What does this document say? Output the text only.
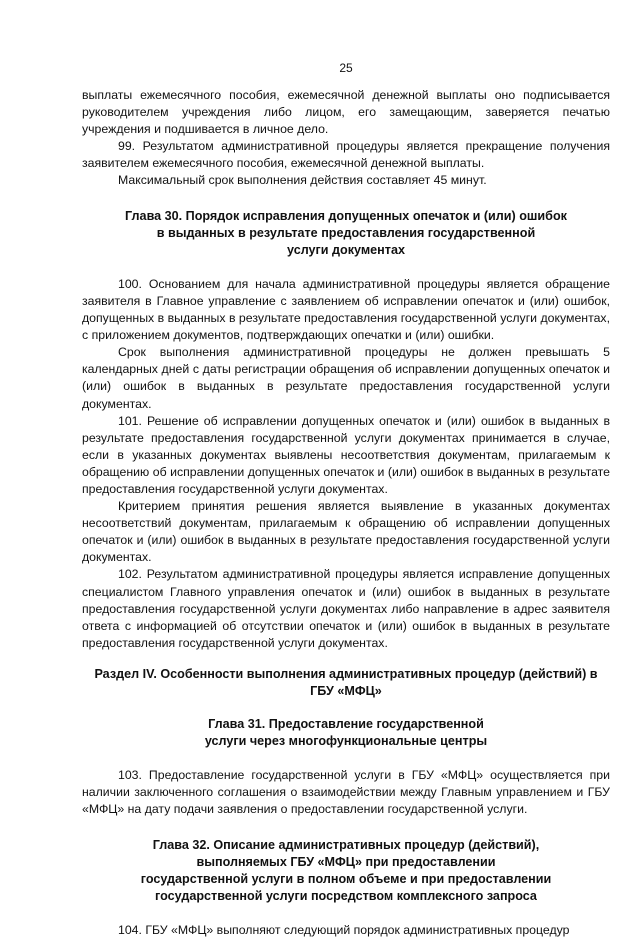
25

выплаты ежемесячного пособия, ежемесячной денежной выплаты оно подписывается руководителем учреждения либо лицом, его замещающим, заверяется печатью учреждения и подшивается в личное дело.

99. Результатом административной процедуры является прекращение получения заявителем ежемесячного пособия, ежемесячной денежной выплаты.

Максимальный срок выполнения действия составляет 45 минут.

Глава 30. Порядок исправления допущенных опечаток и (или) ошибок
в выданных в результате предоставления государственной
услуги документах

100. Основанием для начала административной процедуры является обращение заявителя в Главное управление с заявлением об исправлении опечаток и (или) ошибок, допущенных в выданных в результате предоставления государственной услуги документах, с приложением документов, подтверждающих опечатки и (или) ошибки.

Срок выполнения административной процедуры не должен превышать 5 календарных дней с даты регистрации обращения об исправлении допущенных опечаток и (или) ошибок в выданных в результате предоставления государственной услуги документах.

101. Решение об исправлении допущенных опечаток и (или) ошибок в выданных в результате предоставления государственной услуги документах принимается в случае, если в указанных документах выявлены несоответствия документам, прилагаемым к обращению об исправлении допущенных опечаток и (или) ошибок в выданных в результате предоставления государственной услуги документах.

Критерием принятия решения является выявление в указанных документах несоответствий документам, прилагаемым к обращению об исправлении допущенных опечаток и (или) ошибок в выданных в результате предоставления государственной услуги документах.

102. Результатом административной процедуры является исправление допущенных специалистом Главного управления опечаток и (или) ошибок в выданных в результате предоставления государственной услуги документах либо направление в адрес заявителя ответа с информацией об отсутствии опечаток и (или) ошибок в выданных в результате предоставления государственной услуги документах.

Раздел IV. Особенности выполнения административных процедур (действий) в
ГБУ «МФЦ»
Глава 31. Предоставление государственной
услуги через многофункциональные центры

103. Предоставление государственной услуги в ГБУ «МФЦ» осуществляется при наличии заключенного соглашения о взаимодействии между Главным управлением и ГБУ «МФЦ» на дату подачи заявления о предоставлении государственной услуги.

Глава 32. Описание административных процедур (действий),
выполняемых ГБУ «МФЦ» при предоставлении
государственной услуги в полном объеме и при предоставлении
государственной услуги посредством комплексного запроса

104. ГБУ «МФЦ» выполняют следующий порядок административных процедур
